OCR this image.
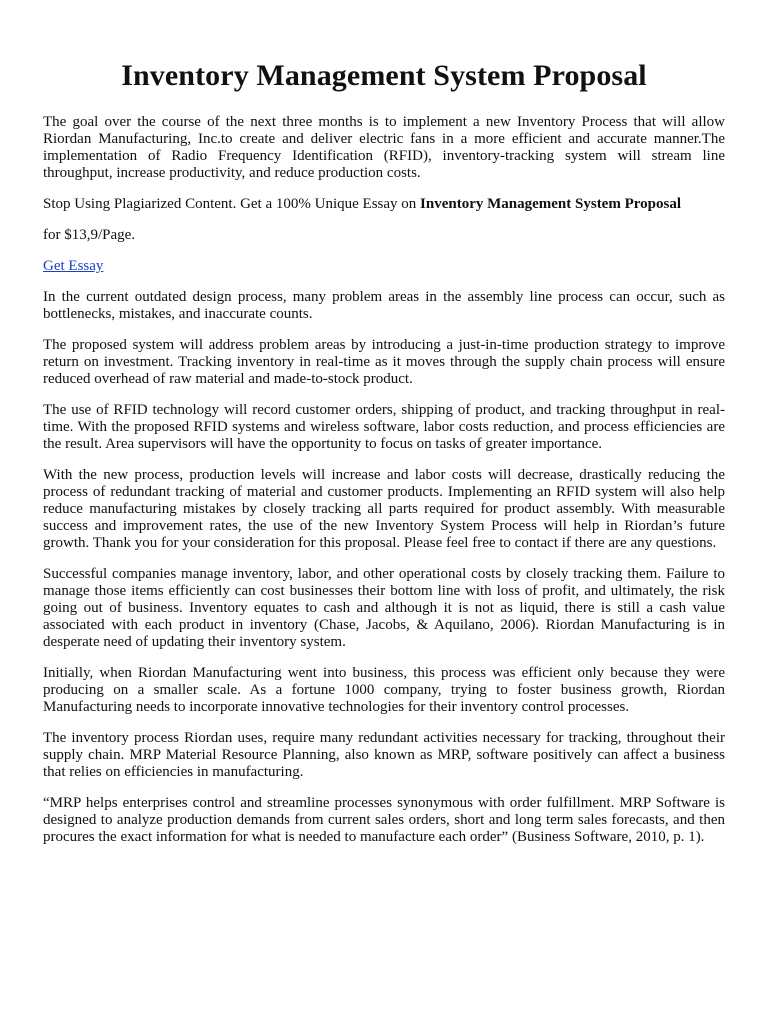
Inventory Management System Proposal

The goal over the course of the next three months is to implement a new Inventory Process that will allow Riordan Manufacturing, Inc.to create and deliver electric fans in a more efficient and accurate manner.The implementation of Radio Frequency Identification (RFID), inventory-tracking system will stream line throughput, increase productivity, and reduce production costs.

Stop Using Plagiarized Content. Get a 100% Unique Essay on Inventory Management System Proposal

for $13,9/Page.

Get Essay

In the current outdated design process, many problem areas in the assembly line process can occur, such as bottlenecks, mistakes, and inaccurate counts.

The proposed system will address problem areas by introducing a just-in-time production strategy to improve return on investment. Tracking inventory in real-time as it moves through the supply chain process will ensure reduced overhead of raw material and made-to-stock product.

The use of RFID technology will record customer orders, shipping of product, and tracking throughput in real-time. With the proposed RFID systems and wireless software, labor costs reduction, and process efficiencies are the result. Area supervisors will have the opportunity to focus on tasks of greater importance.

With the new process, production levels will increase and labor costs will decrease, drastically reducing the process of redundant tracking of material and customer products. Implementing an RFID system will also help reduce manufacturing mistakes by closely tracking all parts required for product assembly. With measurable success and improvement rates, the use of the new Inventory System Process will help in Riordan’s future growth. Thank you for your consideration for this proposal. Please feel free to contact if there are any questions.

Successful companies manage inventory, labor, and other operational costs by closely tracking them. Failure to manage those items efficiently can cost businesses their bottom line with loss of profit, and ultimately, the risk going out of business. Inventory equates to cash and although it is not as liquid, there is still a cash value associated with each product in inventory (Chase, Jacobs, & Aquilano, 2006). Riordan Manufacturing is in desperate need of updating their inventory system.

Initially, when Riordan Manufacturing went into business, this process was efficient only because they were producing on a smaller scale. As a fortune 1000 company, trying to foster business growth, Riordan Manufacturing needs to incorporate innovative technologies for their inventory control processes.

The inventory process Riordan uses, require many redundant activities necessary for tracking, throughout their supply chain. MRP Material Resource Planning, also known as MRP, software positively can affect a business that relies on efficiencies in manufacturing.

“MRP helps enterprises control and streamline processes synonymous with order fulfillment. MRP Software is designed to analyze production demands from current sales orders, short and long term sales forecasts, and then procures the exact information for what is needed to manufacture each order” (Business Software, 2010, p. 1).
